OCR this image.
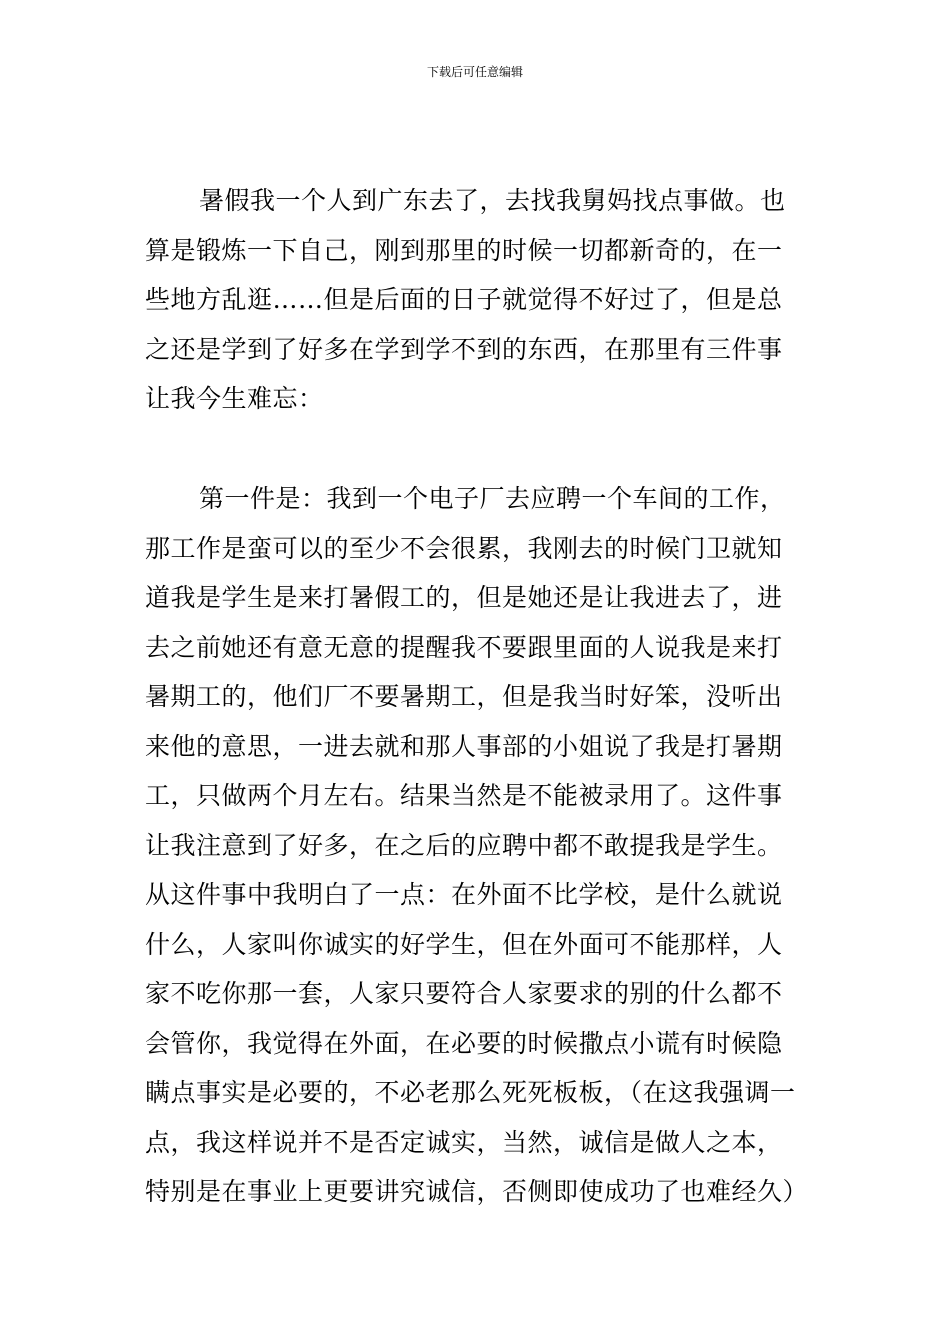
下载后可任意编辑
暑假我一个人到广东去了，去找我舅妈找点事做。也
算是锻炼一下自己，刚到那里的时候一切都新奇的，在一
些地方乱逛……但是后面的日子就觉得不好过了，但是总
之还是学到了好多在学到学不到的东西，在那里有三件事
让我今生难忘：
第一件是：我到一个电子厂去应聘一个车间的工作，
那工作是蛮可以的至少不会很累，我刚去的时候门卫就知
道我是学生是来打暑假工的，但是她还是让我进去了，进
去之前她还有意无意的提醒我不要跟里面的人说我是来打
暑期工的，他们厂不要暑期工，但是我当时好笨，没听出
来他的意思，一进去就和那人事部的小姐说了我是打暑期
工，只做两个月左右。结果当然是不能被录用了。这件事
让我注意到了好多，在之后的应聘中都不敢提我是学生。
从这件事中我明白了一点：在外面不比学校，是什么就说
什么，人家叫你诚实的好学生，但在外面可不能那样，人
家不吃你那一套，人家只要符合人家要求的别的什么都不
会管你，我觉得在外面，在必要的时候撒点小谎有时候隐
瞒点事实是必要的，不必老那么死死板板，（在这我强调一
点，我这样说并不是否定诚实，当然，诚信是做人之本，
特别是在事业上更要讲究诚信，否侧即使成功了也难经久）
